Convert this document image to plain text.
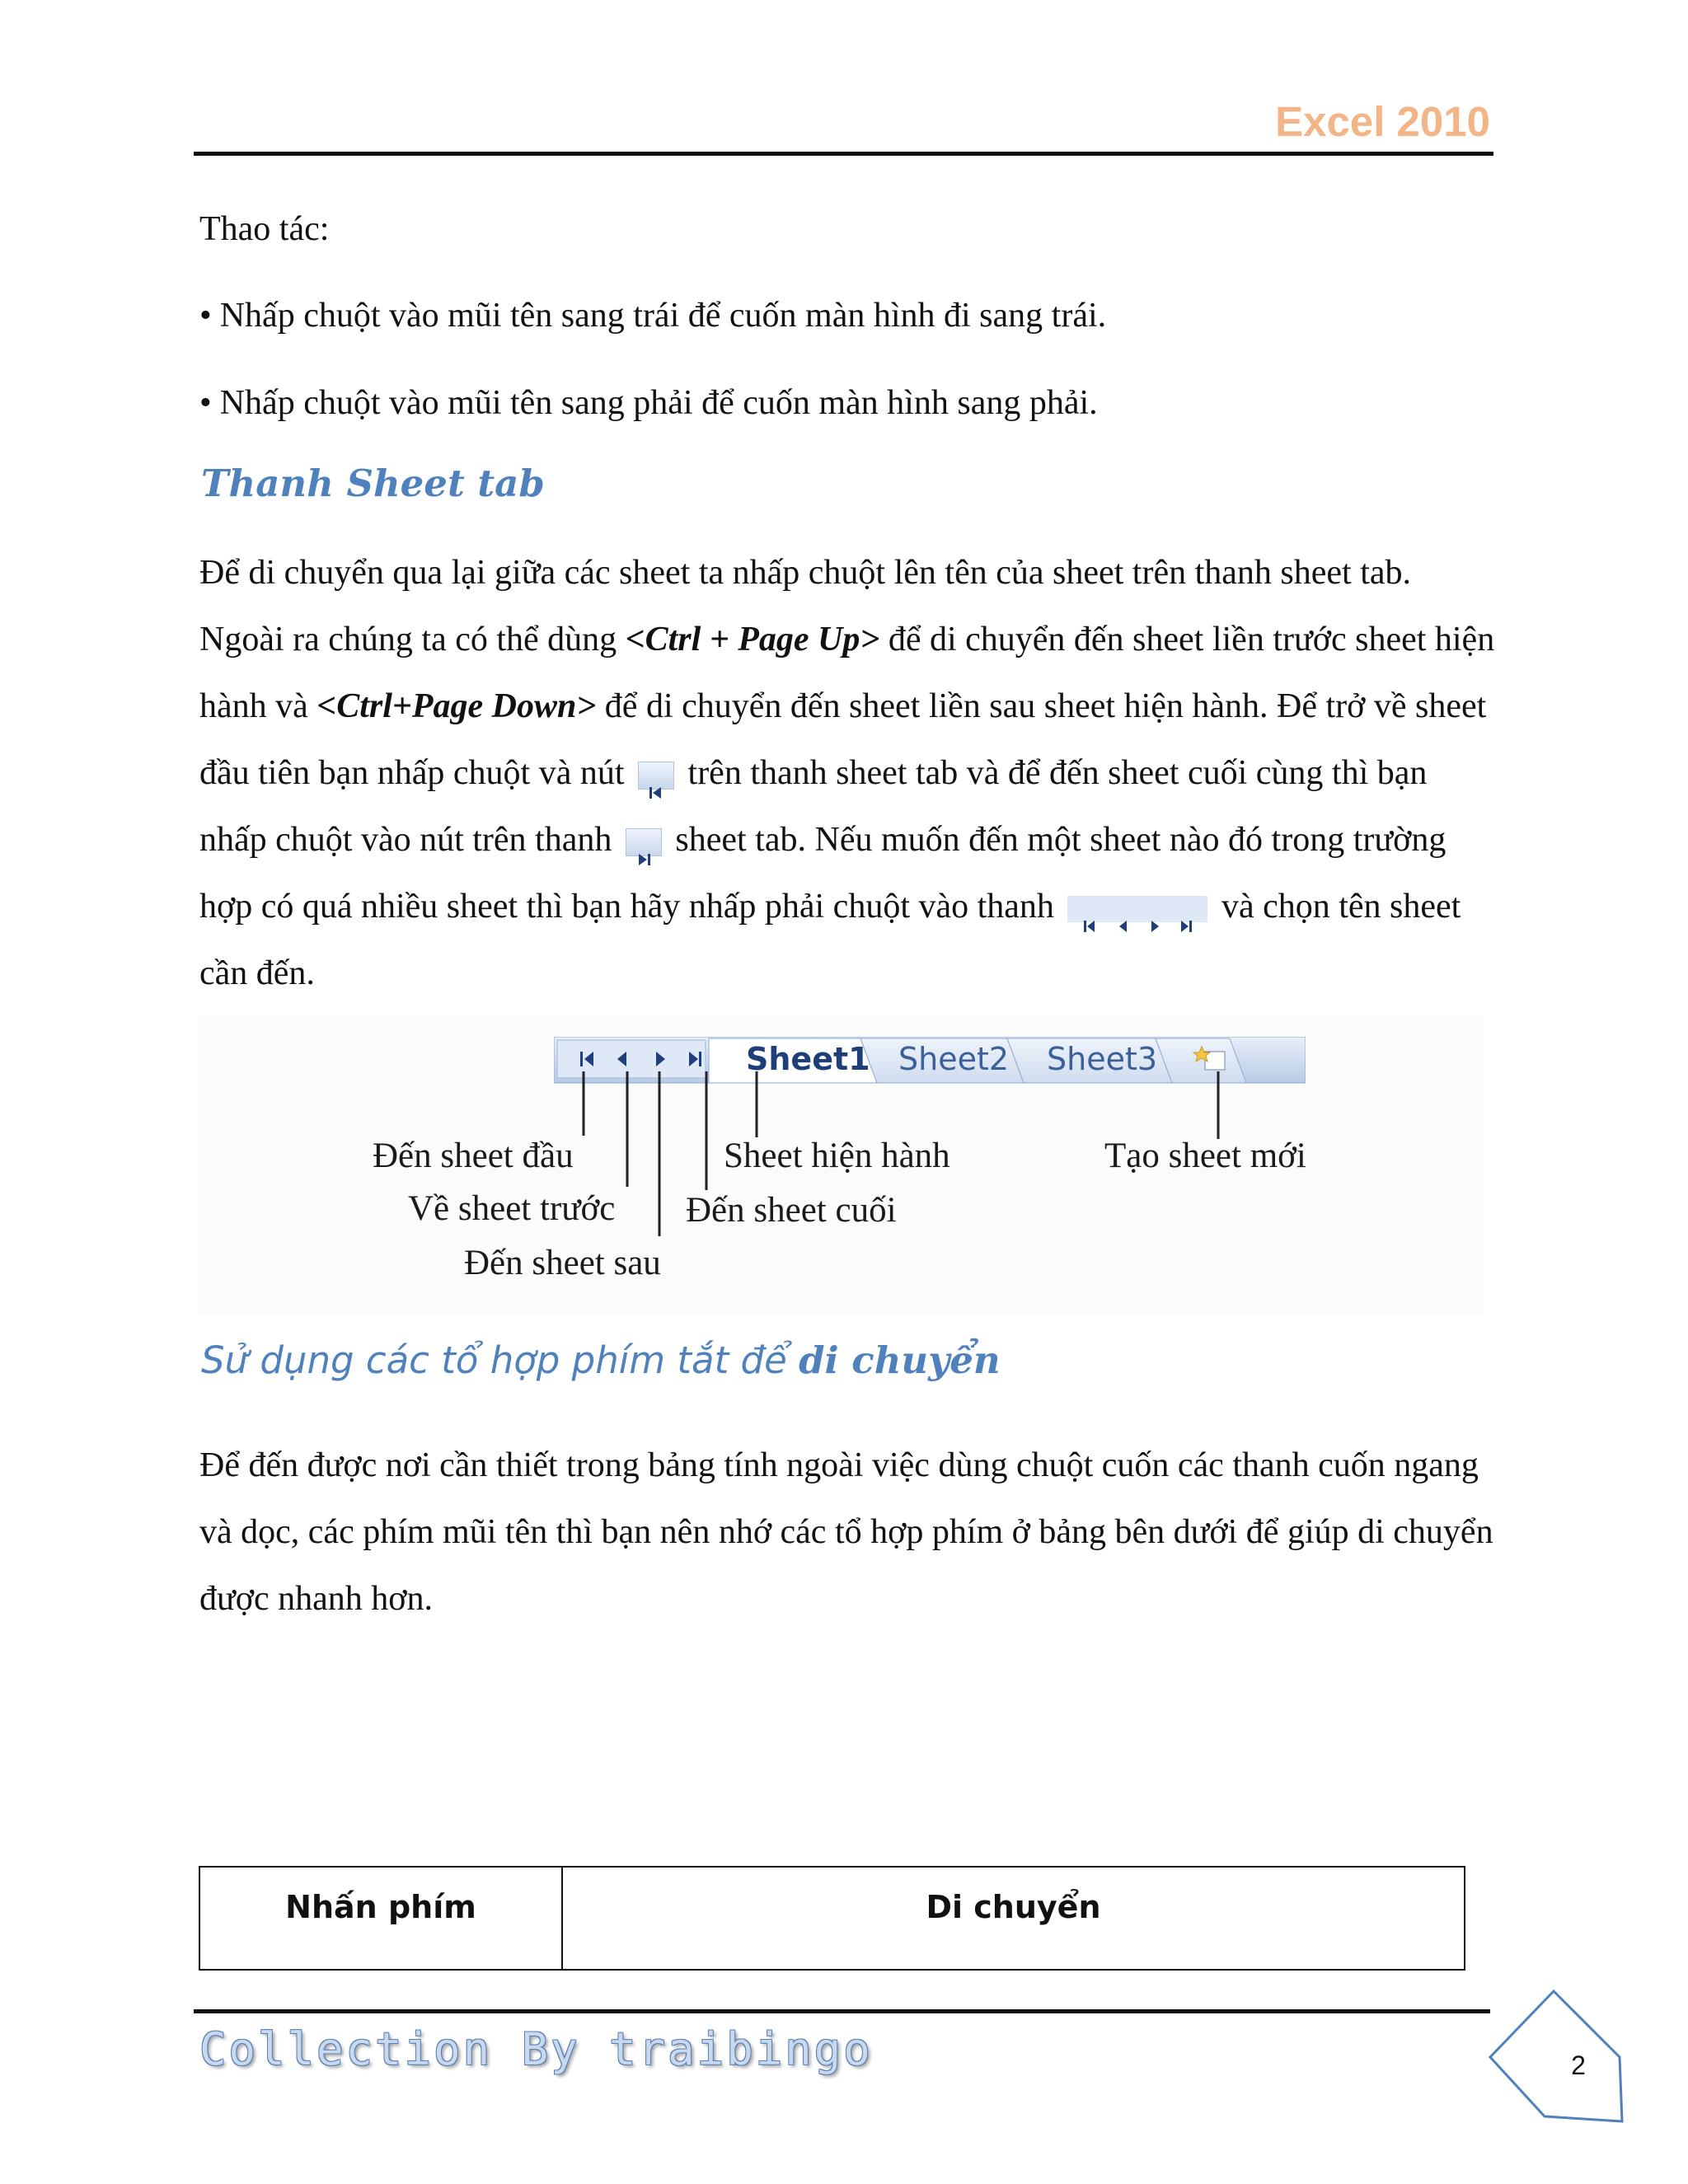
Excel 2010
Thao tác:
• Nhấp chuột vào mũi tên sang trái để cuốn màn hình đi sang trái.
• Nhấp chuột vào mũi tên sang phải để cuốn màn hình sang phải.
Thanh Sheet tab
Để di chuyển qua lại giữa các sheet ta nhấp chuột lên tên của sheet trên thanh sheet tab. Ngoài ra chúng ta có thể dùng <Ctrl + Page Up> để di chuyển đến sheet liền trước sheet hiện hành và <Ctrl+Page Down> để di chuyển đến sheet liền sau sheet hiện hành. Để trở về sheet đầu tiên bạn nhấp chuột và nút  trên thanh sheet tab và để đến sheet cuối cùng thì bạn nhấp chuột vào nút trên thanh  sheet tab. Nếu muốn đến một sheet nào đó trong trường hợp có quá nhiều sheet thì bạn hãy nhấp phải chuột vào thanh	và chọn tên sheet cần đến.
Sheet1 Sheet2 Sheet3
Đến sheet đầu
Về sheet trước
Đến sheet sau
Đến sheet cuối
Sheet hiện hành	Tạo sheet mới
Sử dụng các tổ hợp phím tắt để di chuyển
Để đến được nơi cần thiết trong bảng tính ngoài việc dùng chuột cuốn các thanh cuốn ngang và dọc, các phím mũi tên thì bạn nên nhớ các tổ hợp phím ở bảng bên dưới để giúp di chuyển được nhanh hơn.
Nhấn phím	Di chuyển
Collection By traibingo	2
